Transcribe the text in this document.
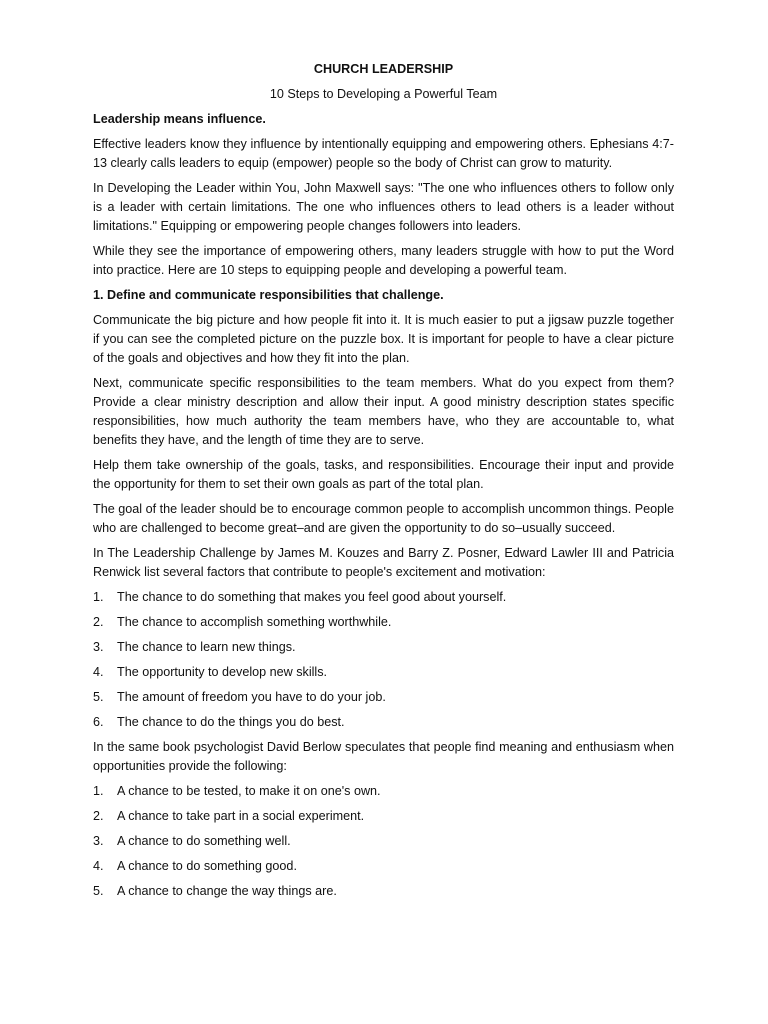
CHURCH LEADERSHIP
10 Steps to Developing a Powerful Team
Leadership means influence.

Effective leaders know they influence by intentionally equipping and empowering others. Ephesians 4:7-13 clearly calls leaders to equip (empower) people so the body of Christ can grow to maturity.

In Developing the Leader within You, John Maxwell says: "The one who influences others to follow only is a leader with certain limitations. The one who influences others to lead others is a leader without limitations." Equipping or empowering people changes followers into leaders.

While they see the importance of empowering others, many leaders struggle with how to put the Word into practice. Here are 10 steps to equipping people and developing a powerful team.

1. Define and communicate responsibilities that challenge.

Communicate the big picture and how people fit into it. It is much easier to put a jigsaw puzzle together if you can see the completed picture on the puzzle box. It is important for people to have a clear picture of the goals and objectives and how they fit into the plan.

Next, communicate specific responsibilities to the team members. What do you expect from them? Provide a clear ministry description and allow their input. A good ministry description states specific responsibilities, how much authority the team members have, who they are accountable to, what benefits they have, and the length of time they are to serve.

Help them take ownership of the goals, tasks, and responsibilities. Encourage their input and provide the opportunity for them to set their own goals as part of the total plan.

The goal of the leader should be to encourage common people to accomplish uncommon things. People who are challenged to become great–and are given the opportunity to do so–usually succeed.

In The Leadership Challenge by James M. Kouzes and Barry Z. Posner, Edward Lawler III and Patricia Renwick list several factors that contribute to people's excitement and motivation:

1.	The chance to do something that makes you feel good about yourself.
2.	The chance to accomplish something worthwhile.
3.	The chance to learn new things.
4.	The opportunity to develop new skills.
5.	The amount of freedom you have to do your job.
6.	The chance to do the things you do best.

In the same book psychologist David Berlow speculates that people find meaning and enthusiasm when opportunities provide the following:

1.	A chance to be tested, to make it on one's own.
2.	A chance to take part in a social experiment.
3.	A chance to do something well.
4.	A chance to do something good.
5.	A chance to change the way things are.
